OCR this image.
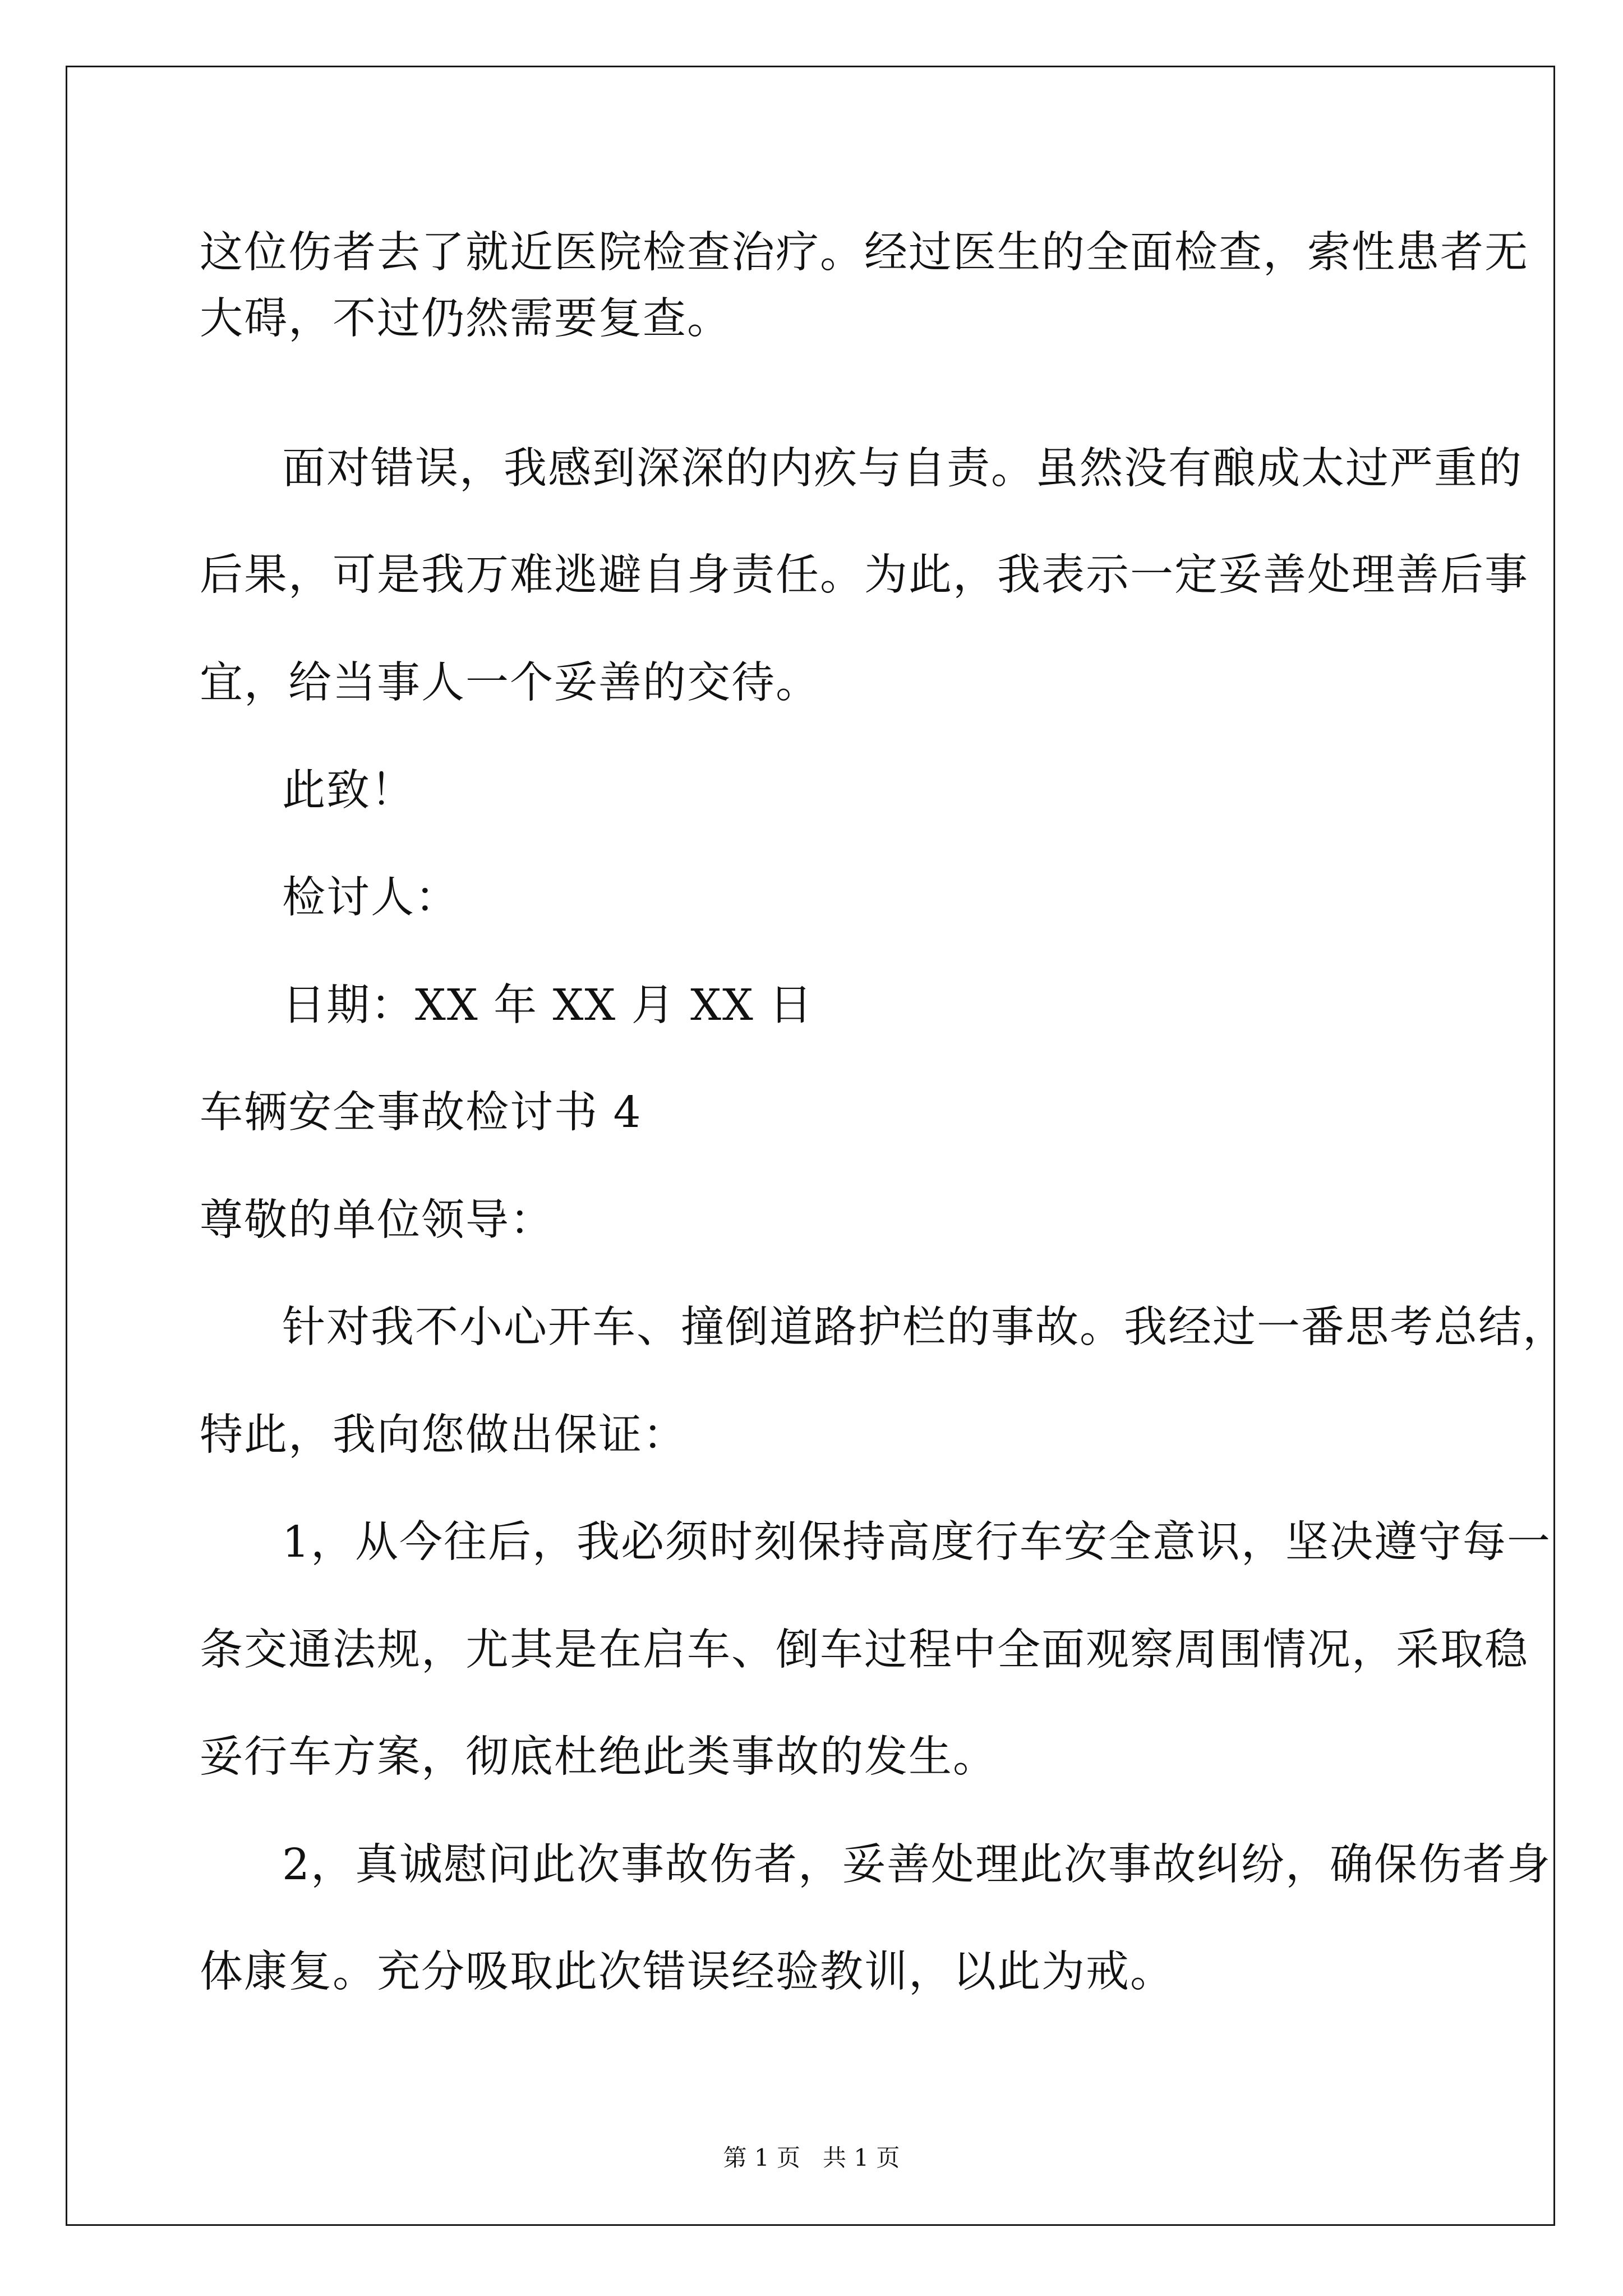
这位伤者去了就近医院检查治疗。经过医生的全面检查，索性患者无
大碍，不过仍然需要复查。
面对错误，我感到深深的内疚与自责。虽然没有酿成太过严重的
后果，可是我万难逃避自身责任。为此，我表示一定妥善处理善后事
宜，给当事人一个妥善的交待。
此致！
检讨人：
日期：XX 年 XX 月 XX 日
车辆安全事故检讨书 4
尊敬的单位领导：
针对我不小心开车、撞倒道路护栏的事故。我经过一番思考总结，
特此，我向您做出保证：
1，从今往后，我必须时刻保持高度行车安全意识，坚决遵守每一
条交通法规，尤其是在启车、倒车过程中全面观察周围情况，采取稳
妥行车方案，彻底杜绝此类事故的发生。
2，真诚慰问此次事故伤者，妥善处理此次事故纠纷，确保伤者身
体康复。充分吸取此次错误经验教训，以此为戒。
第 1 页 共 1 页
